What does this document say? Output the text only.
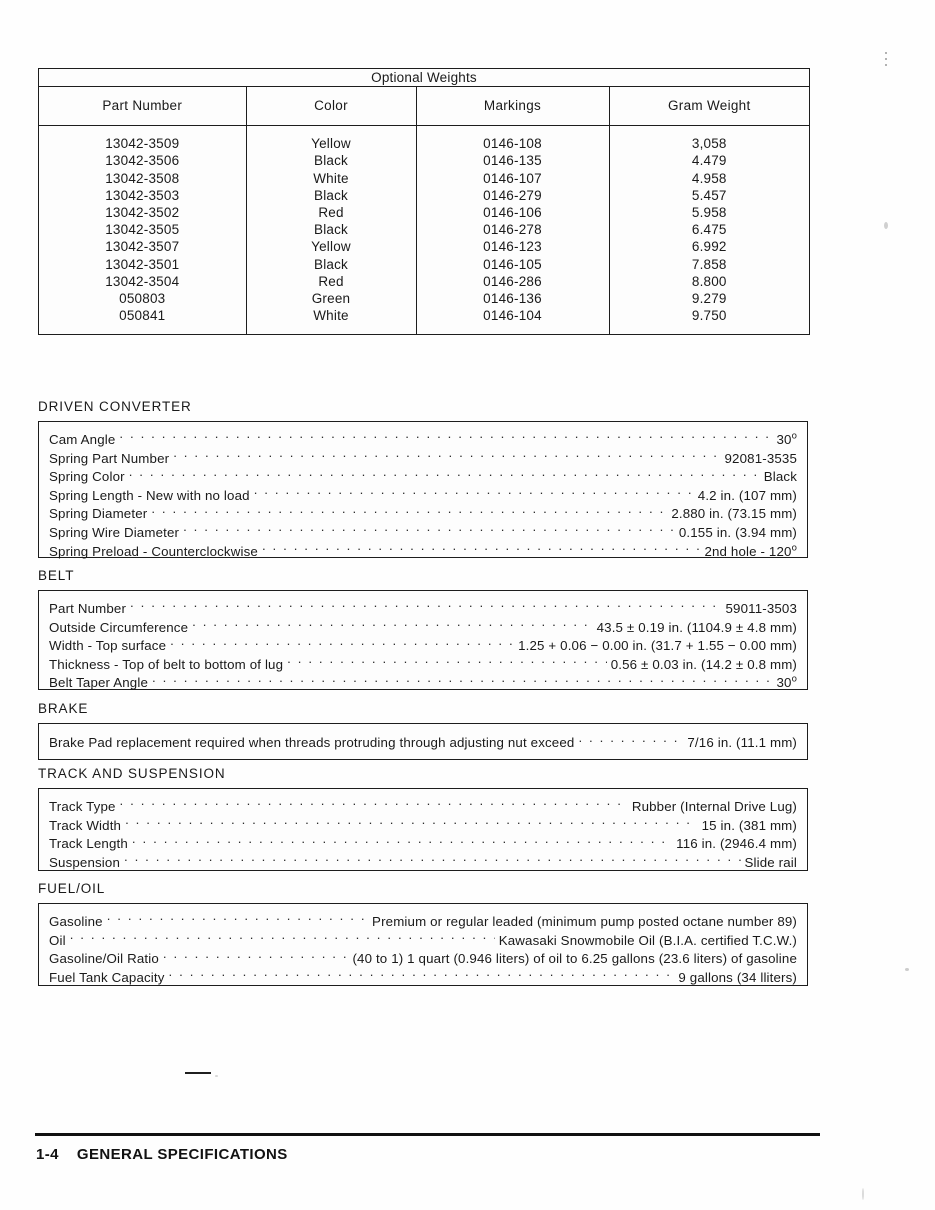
Optional Weights			
Part Number	Color	Markings	Gram Weight
13042-3509	Yellow	0146-108	3,058
13042-3506	Black	0146-135	4.479
13042-3508	White	0146-107	4.958
13042-3503	Black	0146-279	5.457
13042-3502	Red	0146-106	5.958
13042-3505	Black	0146-278	6.475
13042-3507	Yellow	0146-123	6.992
13042-3501	Black	0146-105	7.858
13042-3504	Red	0146-286	8.800
050803	Green	0146-136	9.279
050841	White	0146-104	9.750
DRIVEN CONVERTER
Cam Angle . . .	30$^o$
Spring Part Number . . .	92081-3535
Spring Color . . .	Black
Spring Length - New with no load . . .	4.2 in. (107 mm)
Spring Diameter . . .	2.880 in. (73.15 mm)
Spring Wire Diameter . . .	0.155 in. (3.94 mm)
Spring Preload - Counterclockwise . . .	2nd hole - 120$^o$
BELT
Part Number . . .	59011-3503
Outside Circumference . . .	43.5 ± 0.19 in. (1104.9 ± 4.8 mm)
Width - Top surface . . .	1.25 + 0.06 − 0.00 in. (31.7 + 1.55 − 0.00 mm)
Thickness - Top of belt to bottom of lug . . .	0.56 ± 0.03 in. (14.2 ± 0.8 mm)
Belt Taper Angle . . .	30$^o$
BRAKE
Brake Pad replacement required when threads protruding through adjusting nut exceed . . .	7/16 in. (11.1 mm)
TRACK AND SUSPENSION
Track Type . . .	Rubber (Internal Drive Lug)
Track Width . . .	15 in. (381 mm)
Track Length . . .	116 in. (2946.4 mm)
Suspension . . .	Slide rail
FUEL/OIL
Gasoline . . .	Premium or regular leaded (minimum pump posted octane number 89)
Oil . . .	Kawasaki Snowmobile Oil (B.I.A. certified T.C.W.)
Gasoline/Oil Ratio . . .	(40 to 1) 1 quart (0.946 liters) of oil to 6.25 gallons (23.6 liters) of gasoline
Fuel Tank Capacity . . .	9 gallons (34 lliters)
1-4 GENERAL SPECIFICATIONS
